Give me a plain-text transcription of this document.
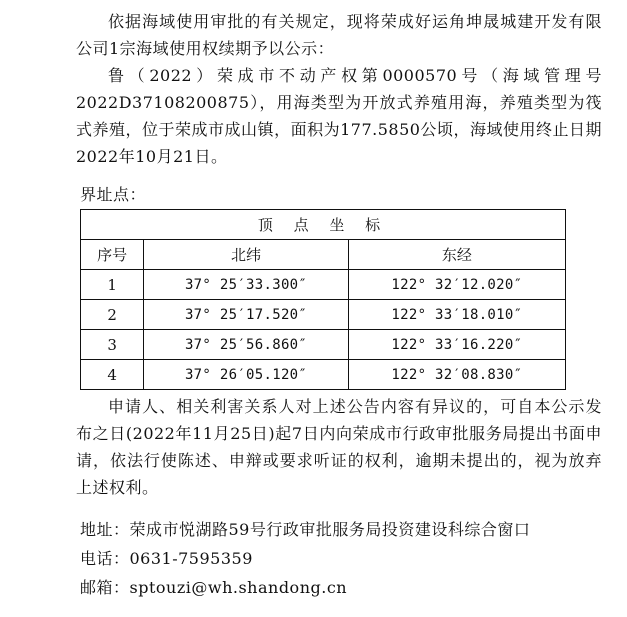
依据海域使用审批的有关规定，现将荣成好运角坤晟城建开发有限公司1宗海域使用权续期予以公示：
鲁（2022）荣成市不动产权第0000570号（海域管理号2022D37108200875），用海类型为开放式养殖用海，养殖类型为筏式养殖，位于荣成市成山镇，面积为177.5850公顷，海域使用终止日期2022年10月21日。
界址点：
顶 点 坐 标		
序号	北纬	东经
1	37° 25′33.300″	122° 32′12.020″
2	37° 25′17.520″	122° 33′18.010″
3	37° 25′56.860″	122° 33′16.220″
4	37° 26′05.120″	122° 32′08.830″
申请人、相关利害关系人对上述公告内容有异议的，可自本公示发布之日(2022年11月25日)起7日内向荣成市行政审批服务局提出书面申请，依法行使陈述、申辩或要求听证的权利，逾期未提出的，视为放弃上述权利。
地址：荣成市悦湖路59号行政审批服务局投资建设科综合窗口
电话：0631-7595359
邮箱：sptouzi@wh.shandong.cn
